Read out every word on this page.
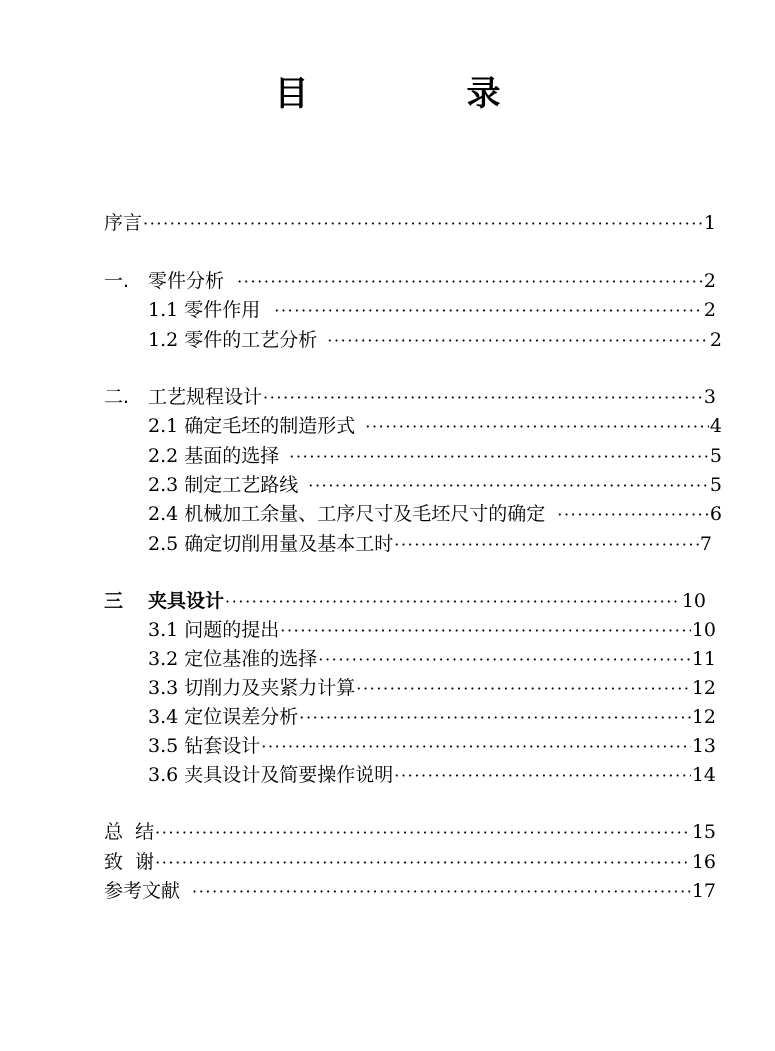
目　录
序言 ·····	1
一. 零件分析 ·····	2
1.1 零件作用 ·····	2
1.2 零件的工艺分析 ·····	2
二. 工艺规程设计 ·····	3
2.1 确定毛坯的制造形式 ·····	4
2.2 基面的选择 ·····	5
2.3 制定工艺路线 ·····	5
2.4 机械加工余量、工序尺寸及毛坯尺寸的确定 ·····	6
2.5 确定切削用量及基本工时 ·····	7
三 夹具设计 ·····	10
3.1 问题的提出 ·····	10
3.2 定位基准的选择 ·····	11
3.3 切削力及夹紧力计算 ·····	12
3.4 定位误差分析 ·····	12
3.5 钻套设计 ·····	13
3.6 夹具设计及简要操作说明 ·····	14
总  结 ·····	15
致  谢 ·····	16
参考文献 ·····	17
